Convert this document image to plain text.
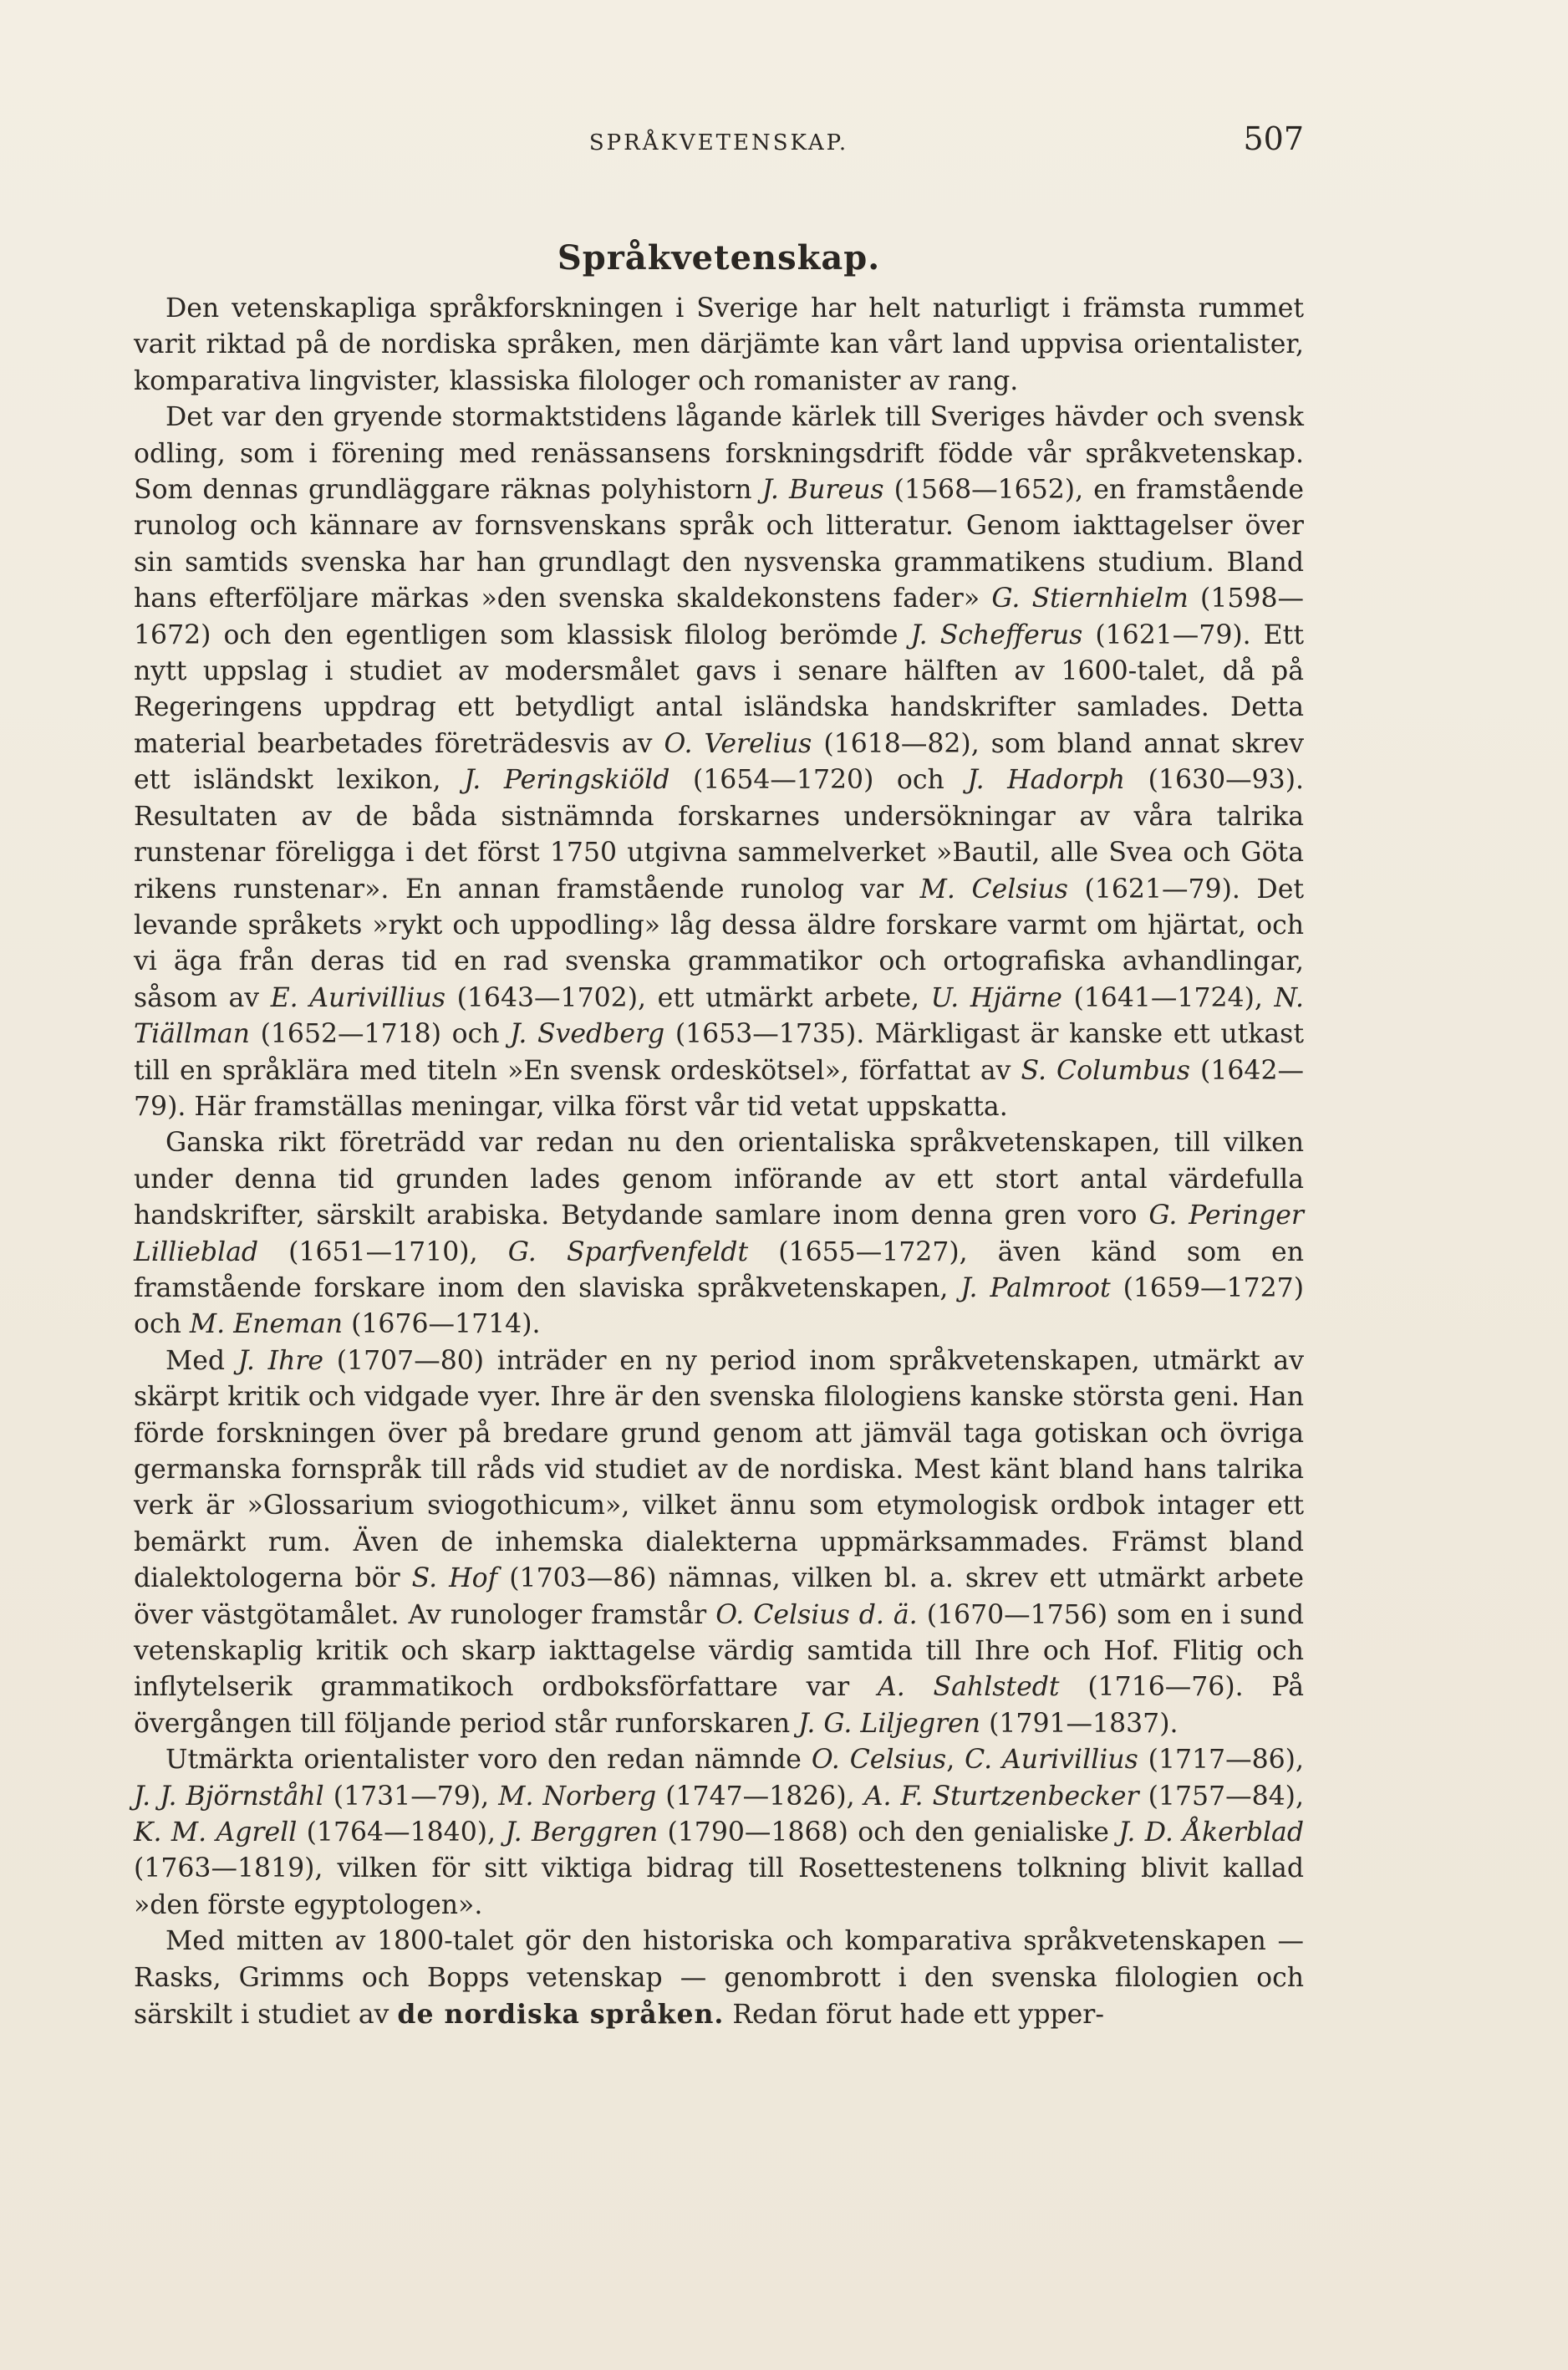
SPRÅKVETENSKAP.	507
Språkvetenskap.

Den vetenskapliga språkforskningen i Sverige har helt naturligt i främsta rummet varit riktad på de nordiska språken, men därjämte kan vårt land uppvisa orientalister, komparativa lingvister, klassiska filologer och romanister av rang.

Det var den gryende stormaktstidens lågande kärlek till Sveriges hävder och svensk odling, som i förening med renässansens forskningsdrift födde vår språkvetenskap. Som dennas grundläggare räknas polyhistorn J. Bureus (1568—1652), en framstående runolog och kännare av fornsvenskans språk och litteratur. Genom iakttagelser över sin samtids svenska har han grundlagt den nysvenska grammatikens studium. Bland hans efterföljare märkas »den svenska skaldekonstens fader» G. Stiernhielm (1598—1672) och den egentligen som klassisk filolog berömde J. Schefferus (1621—79). Ett nytt uppslag i studiet av modersmålet gavs i senare hälften av 1600-talet, då på Regeringens uppdrag ett betydligt antal isländska handskrifter samlades. Detta material bearbetades företrädesvis av O. Verelius (1618—82), som bland annat skrev ett isländskt lexikon, J. Peringskiöld (1654—1720) och J. Hadorph (1630—93). Resultaten av de båda sistnämnda forskarnes undersökningar av våra talrika runstenar föreligga i det först 1750 utgivna sammelverket »Bautil, alle Svea och Göta rikens runstenar». En annan framstående runolog var M. Celsius (1621—79). Det levande språkets »rykt och uppodling» låg dessa äldre forskare varmt om hjärtat, och vi äga från deras tid en rad svenska grammatikor och ortografiska avhandlingar, såsom av E. Aurivillius (1643—1702), ett utmärkt arbete, U. Hjärne (1641—1724), N. Tiällman (1652—1718) och J. Svedberg (1653—1735). Märkligast är kanske ett utkast till en språklära med titeln »En svensk ordeskötsel», författat av S. Columbus (1642—79). Här framställas meningar, vilka först vår tid vetat uppskatta.

Ganska rikt företrädd var redan nu den orientaliska språkvetenskapen, till vilken under denna tid grunden lades genom införande av ett stort antal värdefulla handskrifter, särskilt arabiska. Betydande samlare inom denna gren voro G. Peringer Lillieblad (1651—1710), G. Sparfvenfeldt (1655—1727), även känd som en framstående forskare inom den slaviska språkvetenskapen, J. Palmroot (1659—1727) och M. Eneman (1676—1714).

Med J. Ihre (1707—80) inträder en ny period inom språkvetenskapen, utmärkt av skärpt kritik och vidgade vyer. Ihre är den svenska filologiens kanske största geni. Han förde forskningen över på bredare grund genom att jämväl taga gotiskan och övriga germanska fornspråk till råds vid studiet av de nordiska. Mest känt bland hans talrika verk är »Glossarium sviogothicum», vilket ännu som etymologisk ordbok intager ett bemärkt rum. Även de inhemska dialekterna uppmärksammades. Främst bland dialektologerna bör S. Hof (1703—86) nämnas, vilken bl. a. skrev ett utmärkt arbete över västgötamålet. Av runologer framstår O. Celsius d. ä. (1670—1756) som en i sund vetenskaplig kritik och skarp iakttagelse värdig samtida till Ihre och Hof. Flitig och inflytelserik grammatikoch ordboksförfattare var A. Sahlstedt (1716—76). På övergången till följande period står runforskaren J. G. Liljegren (1791—1837).

Utmärkta orientalister voro den redan nämnde O. Celsius, C. Aurivillius (1717—86), J. J. Björnståhl (1731—79), M. Norberg (1747—1826), A. F. Sturtzenbecker (1757—84), K. M. Agrell (1764—1840), J. Berggren (1790—1868) och den genialiske J. D. Åkerblad (1763—1819), vilken för sitt viktiga bidrag till Rosettestenens tolkning blivit kallad »den förste egyptologen».

Med mitten av 1800-talet gör den historiska och komparativa språkvetenskapen — Rasks, Grimms och Bopps vetenskap — genombrott i den svenska filologien och särskilt i studiet av de nordiska språken. Redan förut hade ett ypper-
